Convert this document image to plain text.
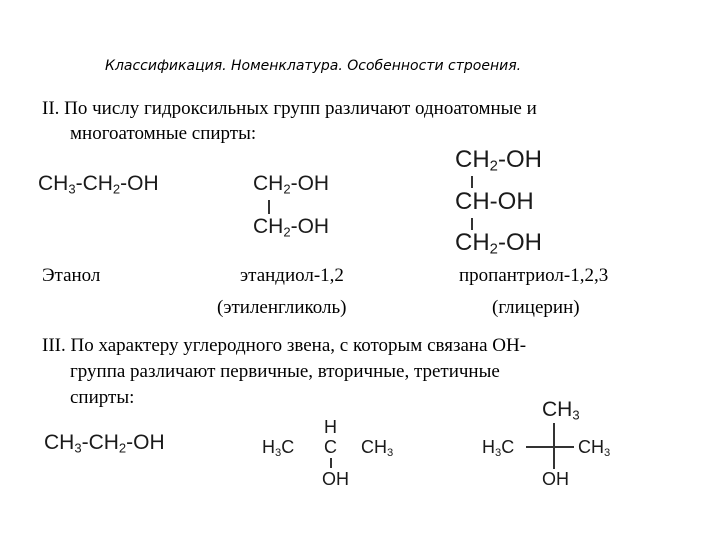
Классификация. Номенклатура. Особенности строения.
II. По числу гидроксильных групп различают одноатомные и
многоатомные спирты:
$CH_3-CH_2-OH$	$CH_2-OH$
$CH_2-OH$
$CH_2-OH$
CH-OH
$CH_2-OH$
Этанол	этандиол-1,2	пропантриол-1,2,3
(этиленгликоль)	(глицерин)
III. По характеру углеродного звена, с которым связана ОН-
группа различают первичные, вторичные, третичные
спирты:
$CH_3-CH_2-OH$
H
$H_3C$ C $CH_3$
OH
$CH_3$
$H_3C$	$CH_3$
OH
